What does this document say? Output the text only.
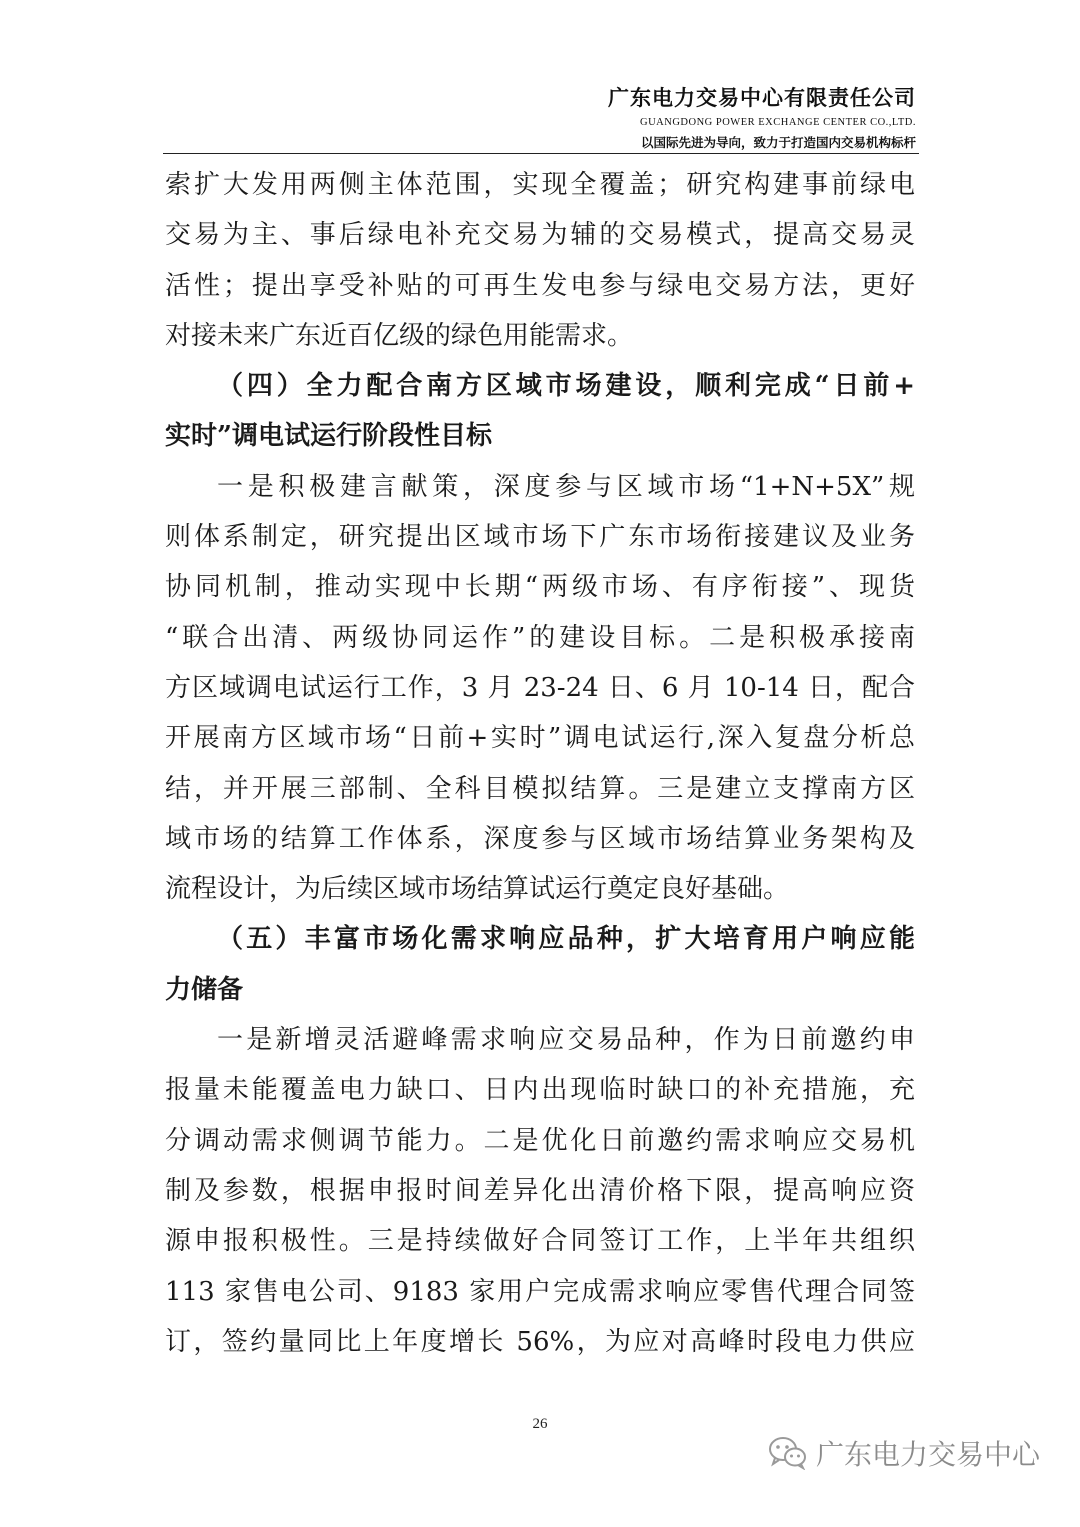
广东电力交易中心有限责任公司
GUANGDONG POWER EXCHANGE CENTER CO.,LTD.
以国际先进为导向，致力于打造国内交易机构标杆
索扩大发用两侧主体范围，实现全覆盖；研究构建事前绿电
交易为主、事后绿电补充交易为辅的交易模式，提高交易灵
活性；提出享受补贴的可再生发电参与绿电交易方法，更好
对接未来广东近百亿级的绿色用能需求。
（四）全力配合南方区域市场建设，顺利完成“日前+
实时”调电试运行阶段性目标
一是积极建言献策，深度参与区域市场“1+N+5X”规
则体系制定，研究提出区域市场下广东市场衔接建议及业务
协同机制，推动实现中长期“两级市场、有序衔接”、现货
“联合出清、两级协同运作”的建设目标。二是积极承接南
方区域调电试运行工作，3 月 23-24 日、6 月 10-14 日，配合
开展南方区域市场“日前+实时”调电试运行,深入复盘分析总
结，并开展三部制、全科目模拟结算。三是建立支撑南方区
域市场的结算工作体系，深度参与区域市场结算业务架构及
流程设计，为后续区域市场结算试运行奠定良好基础。
（五）丰富市场化需求响应品种，扩大培育用户响应能
力储备
一是新增灵活避峰需求响应交易品种，作为日前邀约申
报量未能覆盖电力缺口、日内出现临时缺口的补充措施，充
分调动需求侧调节能力。二是优化日前邀约需求响应交易机
制及参数，根据申报时间差异化出清价格下限，提高响应资
源申报积极性。三是持续做好合同签订工作，上半年共组织
113 家售电公司、9183 家用户完成需求响应零售代理合同签
订，签约量同比上年度增长 56%，为应对高峰时段电力供应
26
广东电力交易中心
